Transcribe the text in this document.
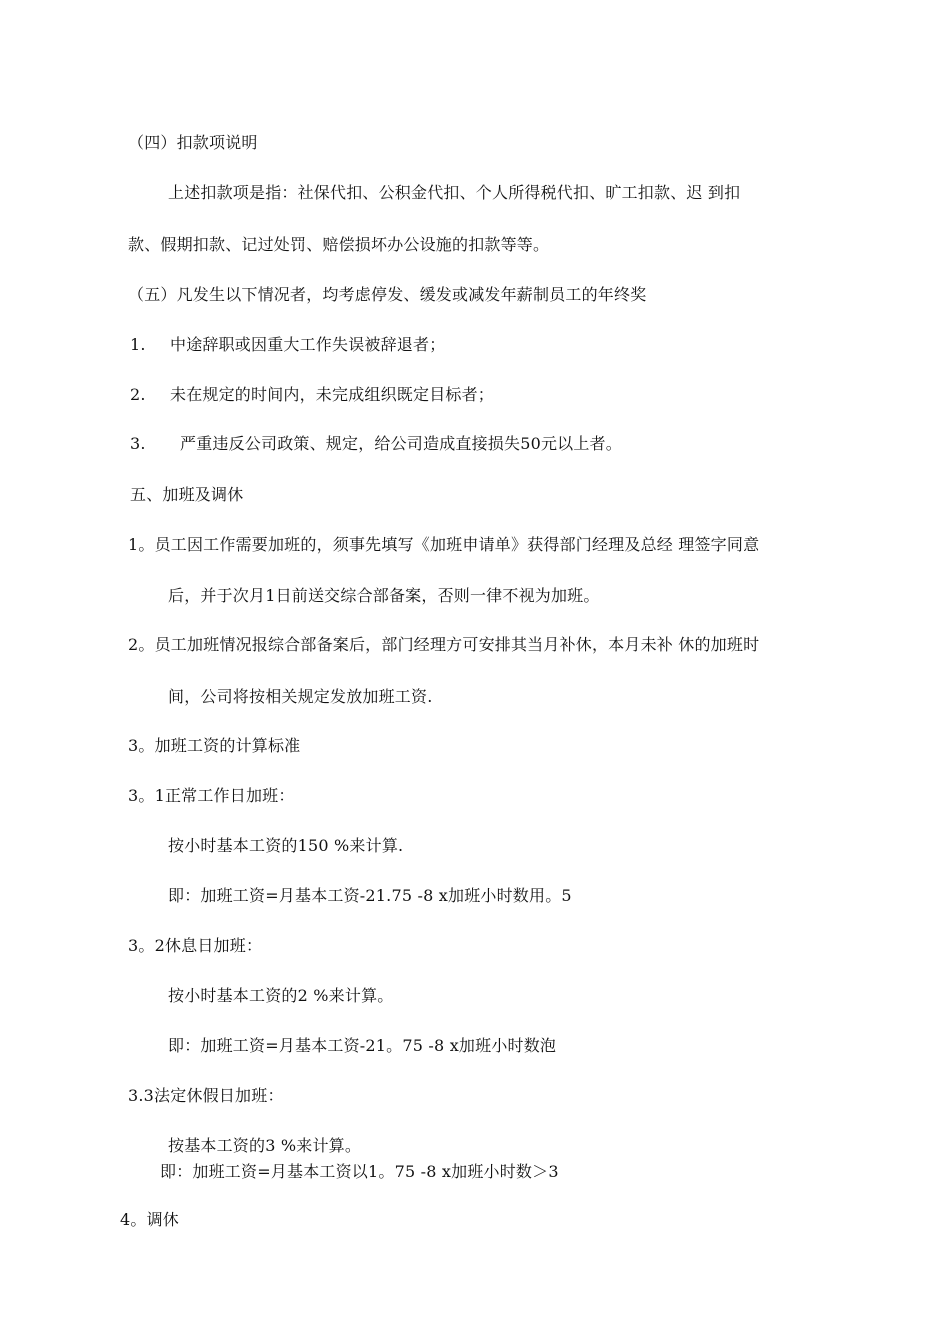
（四）扣款项说明
上述扣款项是指：社保代扣、公积金代扣、个人所得税代扣、旷工扣款、迟 到扣
款、假期扣款、记过处罚、赔偿损坏办公设施的扣款等等。
（五）凡发生以下情况者，均考虑停发、缓发或减发年薪制员工的年终奖
1. 中途辞职或因重大工作失误被辞退者；
2. 未在规定的时间内，未完成组织既定目标者；
3. 严重违反公司政策、规定，给公司造成直接损失50元以上者。
五、加班及调休
1。员工因工作需要加班的，须事先填写《加班申请单》获得部门经理及总经 理签字同意
后，并于次月1日前送交综合部备案，否则一律不视为加班。
2。员工加班情况报综合部备案后，部门经理方可安排其当月补休，本月未补 休的加班时
间，公司将按相关规定发放加班工资.
3。加班工资的计算标准
3。1正常工作日加班：
按小时基本工资的150 %来计算.
即：加班工资=月基本工资-21.75 -8 x加班小时数用。5
3。2休息日加班：
按小时基本工资的2 %来计算。
即：加班工资=月基本工资-21。75 -8 x加班小时数泡
3.3法定休假日加班：
按基本工资的3 %来计算。
即：加班工资=月基本工资以1。75 -8 x加班小时数＞3
4。调休
